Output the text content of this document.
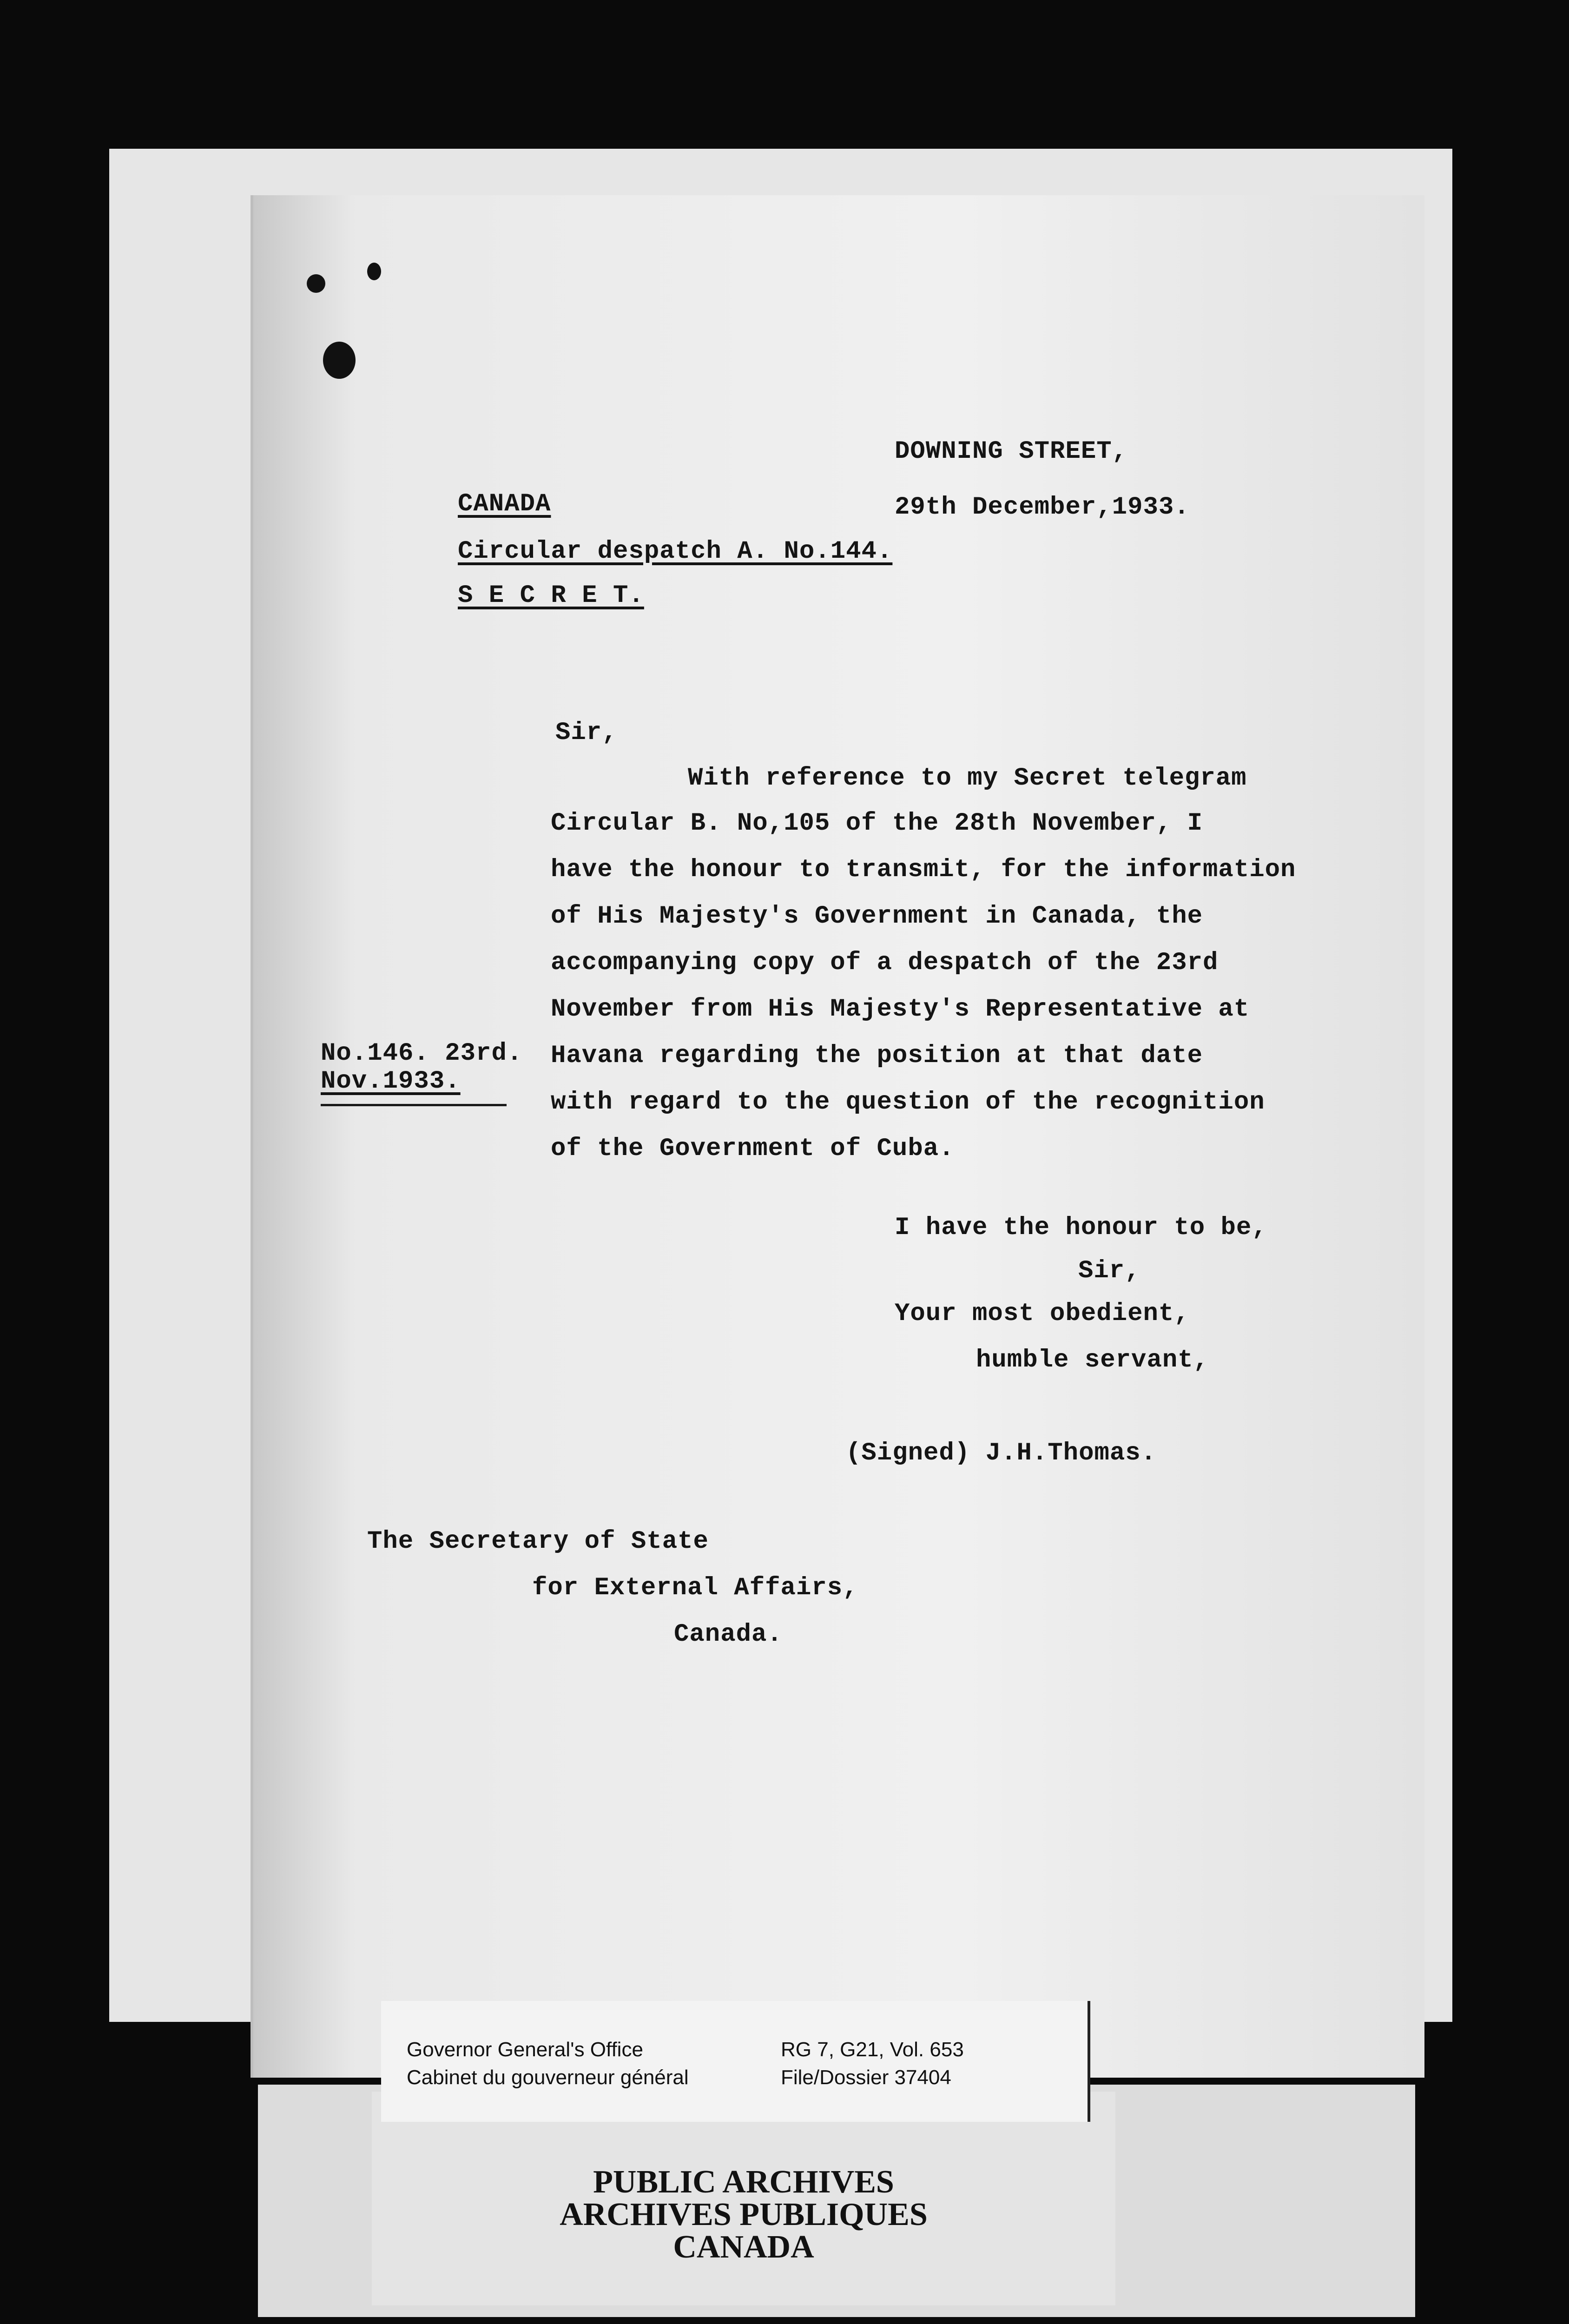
DOWNING STREET,
29th December,1933.
CANADA
Circular despatch A. No.144.
S E C R E T.
Sir,
With reference to my Secret telegram
Circular B. No,105 of the 28th November, I
have the honour to transmit, for the information
of His Majesty's Government in Canada, the
accompanying copy of a despatch of the 23rd
November from His Majesty's Representative at
Havana regarding the position at that date
with regard to the question of the recognition
of the Government of Cuba.
No.146. 23rd.
Nov.1933.
I have the honour to be,
Sir,
Your most obedient,
humble servant,
(Signed) J.H.Thomas.
The Secretary of State
for External Affairs,
Canada.
PUBLIC ARCHIVES
ARCHIVES PUBLIQUES
CANADA
Governor General's Office
Cabinet du gouverneur général
RG 7, G21, Vol. 653
File/Dossier 37404
